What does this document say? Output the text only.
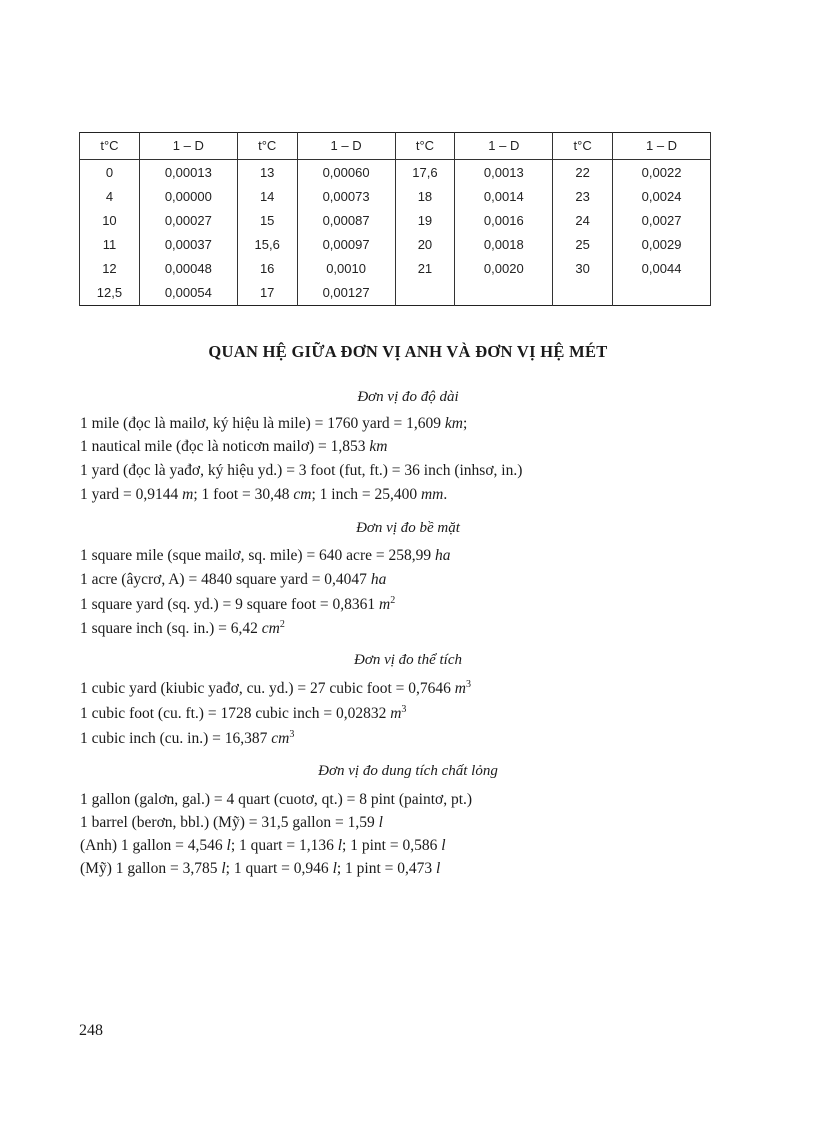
t°C	1 – D	t°C	1 – D	t°C	1 – D	t°C	1 – D
0	0,00013	13	0,00060	17,6	0,0013	22	0,0022
4	0,00000	14	0,00073	18	0,0014	23	0,0024
10	0,00027	15	0,00087	19	0,0016	24	0,0027
11	0,00037	15,6	0,00097	20	0,0018	25	0,0029
12	0,00048	16	0,0010	21	0,0020	30	0,0044
12,5	0,00054	17	0,00127				
QUAN HỆ GIỮA ĐƠN VỊ ANH VÀ ĐƠN VỊ HỆ MÉT
Đơn vị đo độ dài
1 mile (đọc là mailơ, ký hiệu là mile) = 1760 yard = 1,609 km;
1 nautical mile (đọc là noticơn mailơ) = 1,853 km
1 yard (đọc là yađơ, ký hiệu yd.) = 3 foot (fut, ft.) = 36 inch (inhsơ, in.)
1 yard = 0,9144 m; 1 foot = 30,48 cm; 1 inch = 25,400 mm.
Đơn vị đo bề mặt
1 square mile (sque mailơ, sq. mile) = 640 acre = 258,99 ha
1 acre (âycrơ, A) = 4840 square yard = 0,4047 ha
1 square yard (sq. yd.) = 9 square foot = 0,8361 $m^2$
1 square inch (sq. in.) = 6,42 $cm^2$
Đơn vị đo thể tích
1 cubic yard (kiubic yađơ, cu. yd.) = 27 cubic foot = 0,7646 $m^3$
1 cubic foot (cu. ft.) = 1728 cubic inch = 0,02832 $m^3$
1 cubic inch (cu. in.) = 16,387 $cm^3$
Đơn vị đo dung tích chất lỏng
1 gallon (galơn, gal.) = 4 quart (cuotơ, qt.) = 8 pint (paintơ, pt.)
1 barrel (berơn, bbl.) (Mỹ) = 31,5 gallon = 1,59 l
(Anh) 1 gallon = 4,546 l; 1 quart = 1,136 l; 1 pint = 0,586 l
(Mỹ) 1 gallon = 3,785 l; 1 quart = 0,946 l; 1 pint = 0,473 l
248
